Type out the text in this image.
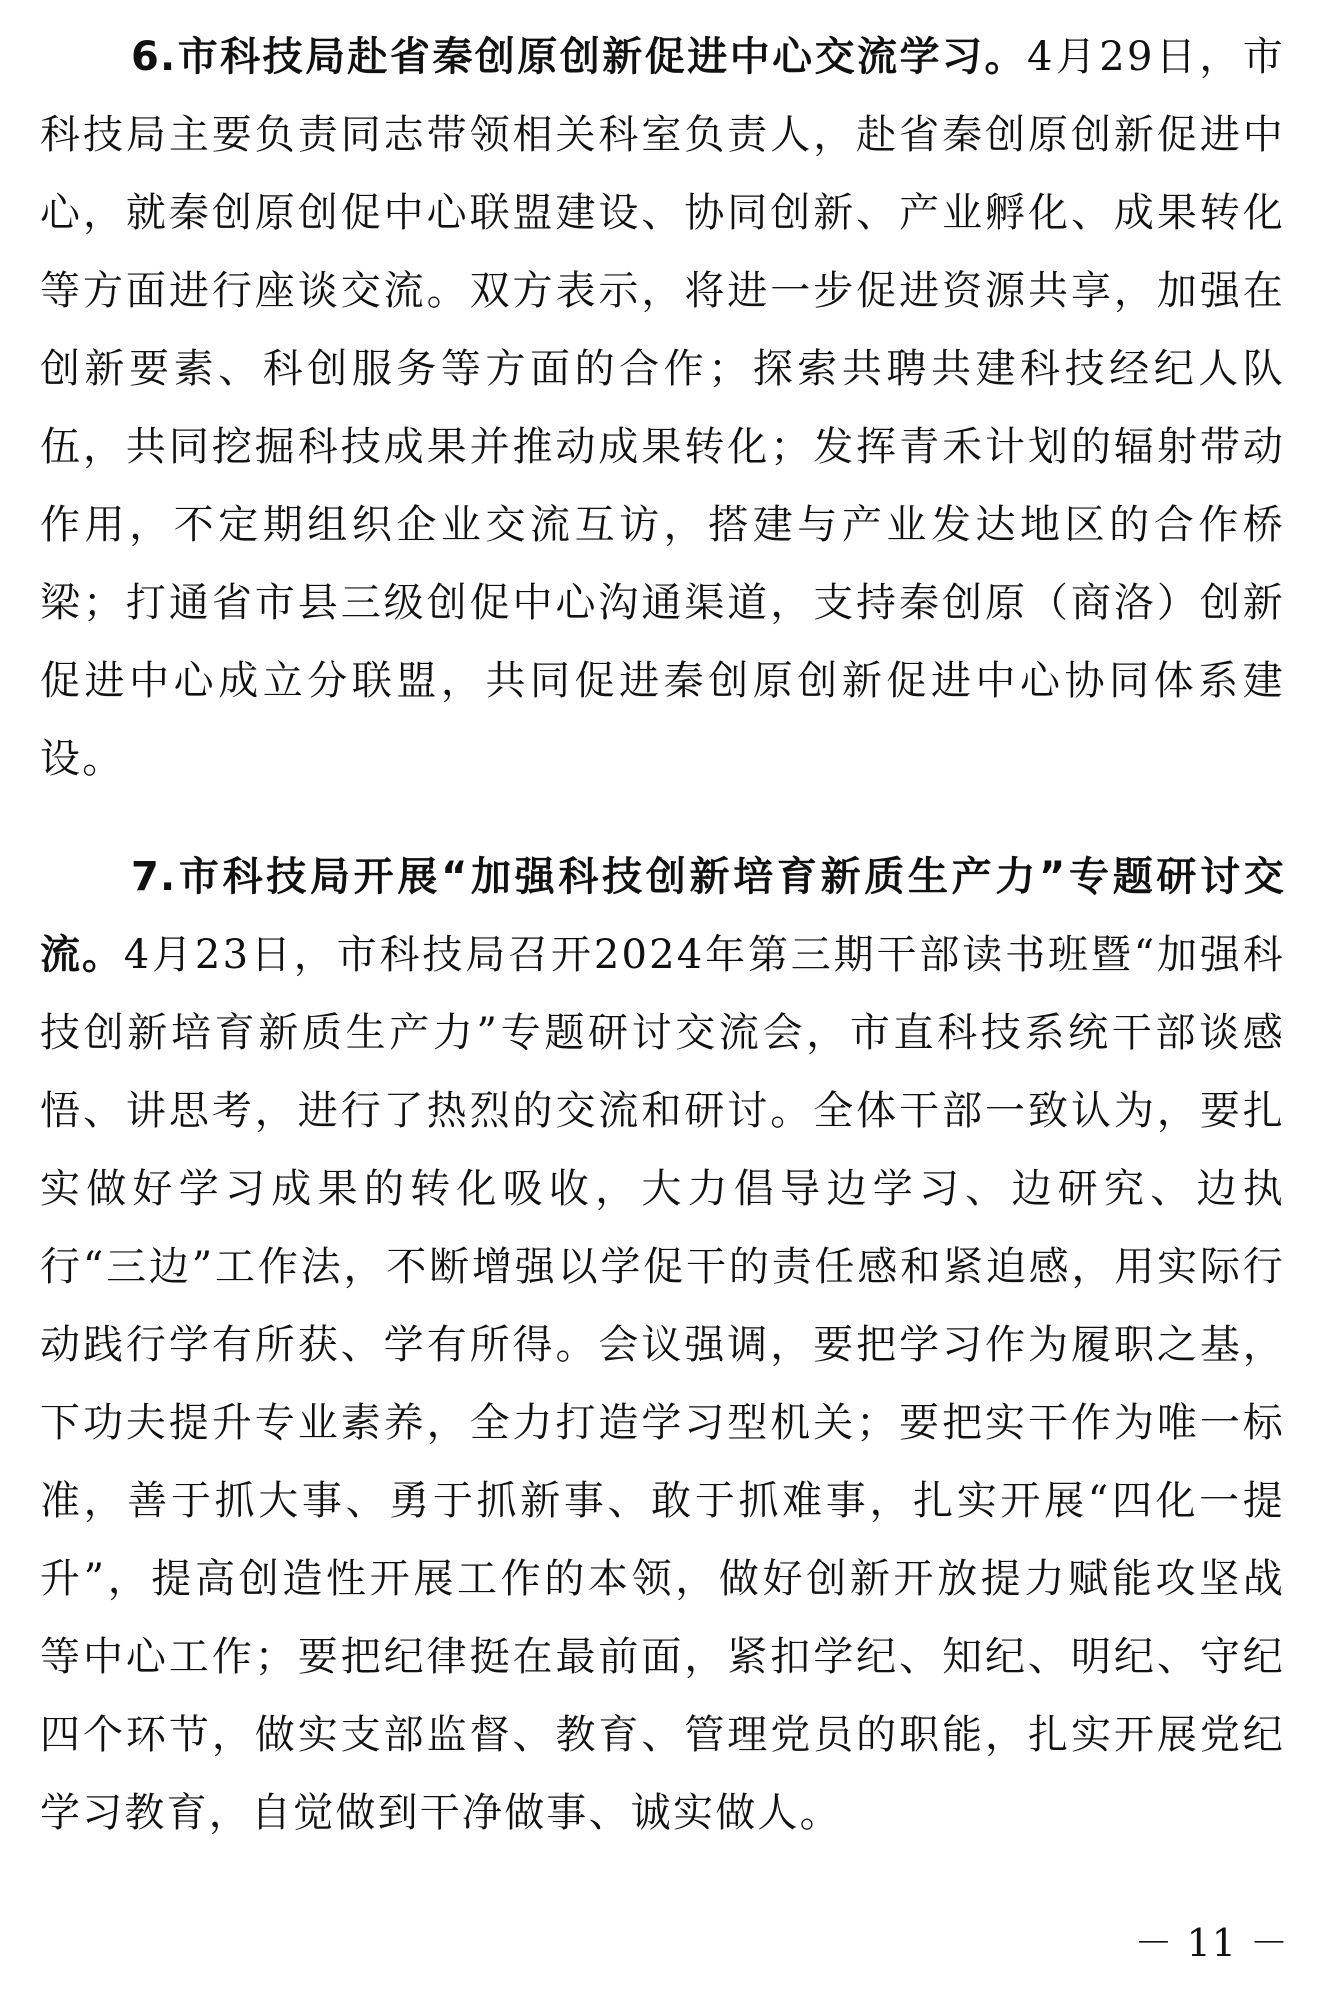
6.市科技局赴省秦创原创新促进中心交流学习。4月29日，市科技局主要负责同志带领相关科室负责人，赴省秦创原创新促进中心，就秦创原创促中心联盟建设、协同创新、产业孵化、成果转化等方面进行座谈交流。双方表示，将进一步促进资源共享，加强在创新要素、科创服务等方面的合作；探索共聘共建科技经纪人队伍，共同挖掘科技成果并推动成果转化；发挥青禾计划的辐射带动作用，不定期组织企业交流互访，搭建与产业发达地区的合作桥梁；打通省市县三级创促中心沟通渠道，支持秦创原（商洛）创新促进中心成立分联盟，共同促进秦创原创新促进中心协同体系建设。

7.市科技局开展“加强科技创新培育新质生产力”专题研讨交流。4月23日，市科技局召开2024年第三期干部读书班暨“加强科技创新培育新质生产力”专题研讨交流会，市直科技系统干部谈感悟、讲思考，进行了热烈的交流和研讨。全体干部一致认为，要扎实做好学习成果的转化吸收，大力倡导边学习、边研究、边执行“三边”工作法，不断增强以学促干的责任感和紧迫感，用实际行动践行学有所获、学有所得。会议强调，要把学习作为履职之基，下功夫提升专业素养，全力打造学习型机关；要把实干作为唯一标准，善于抓大事、勇于抓新事、敢于抓难事，扎实开展“四化一提升”，提高创造性开展工作的本领，做好创新开放提力赋能攻坚战等中心工作；要把纪律挺在最前面，紧扣学纪、知纪、明纪、守纪四个环节，做实支部监督、教育、管理党员的职能，扎实开展党纪学习教育，自觉做到干净做事、诚实做人。

－ 11 －
